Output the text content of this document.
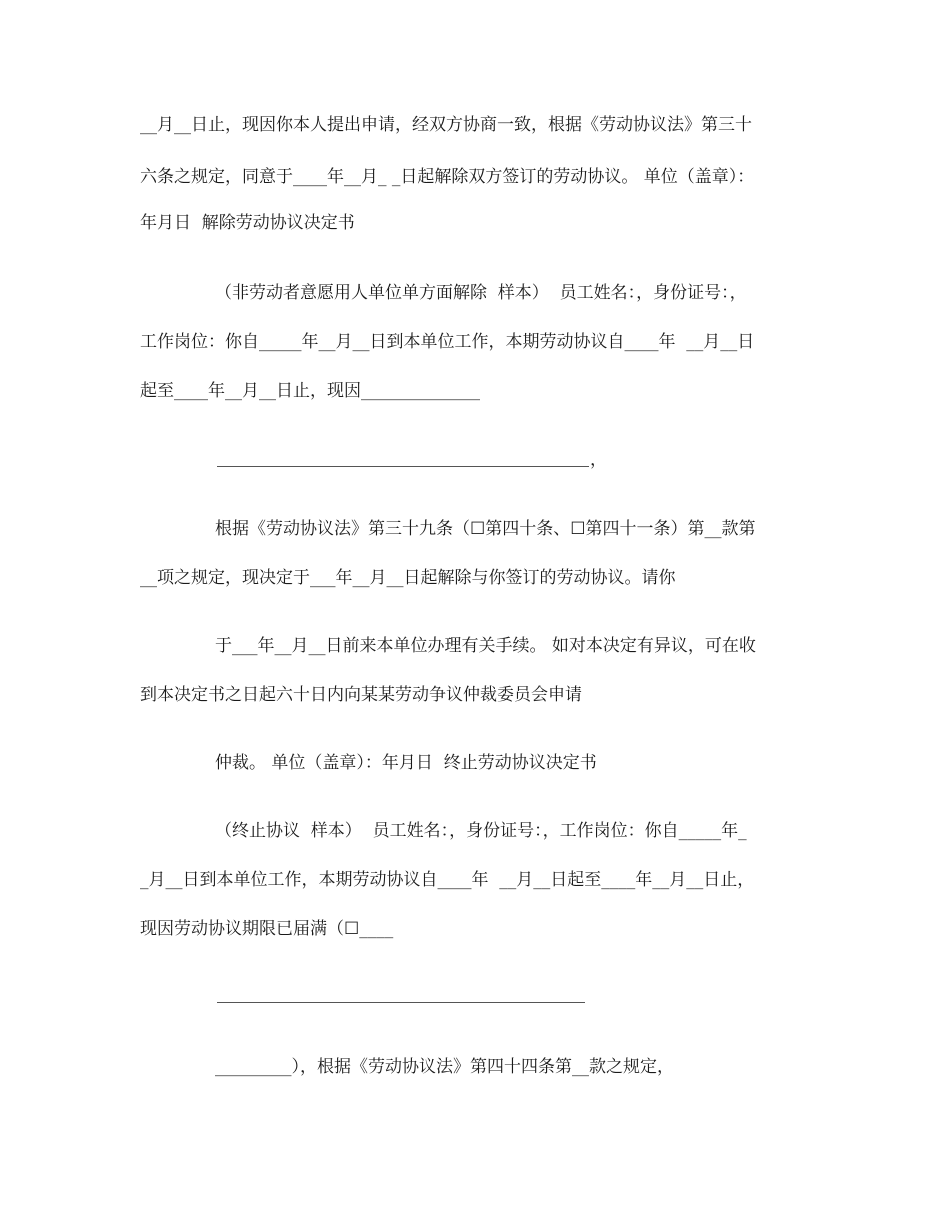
__月__日止，现因你本人提出申请，经双方协商一致，根据《劳动协议法》第三十
六条之规定，同意于____年__月_ _日起解除双方签订的劳动协议。 单位（盖章）：
年月日  解除劳动协议决定书
（非劳动者意愿用人单位单方面解除  样本）  员工姓名：，身份证号：，
工作岗位：你自_____年__月__日到本单位工作，本期劳动协议自____年  __月__日
起至____年__月__日止，现因______________
，
根据《劳动协议法》第三十九条（☐第四十条、☐第四十一条）第__款第
__项之规定，现决定于___年__月__日起解除与你签订的劳动协议。请你
于___年__月__日前来本单位办理有关手续。 如对本决定有异议，可在收
到本决定书之日起六十日内向某某劳动争议仲裁委员会申请
仲裁。 单位（盖章）：年月日  终止劳动协议决定书
（终止协议  样本）  员工姓名：，身份证号：，工作岗位：你自_____年_
_月__日到本单位工作，本期劳动协议自____年  __月__日起至____年__月__日止，
现因劳动协议期限已届满（☐____
_________），根据《劳动协议法》第四十四条第__款之规定，
